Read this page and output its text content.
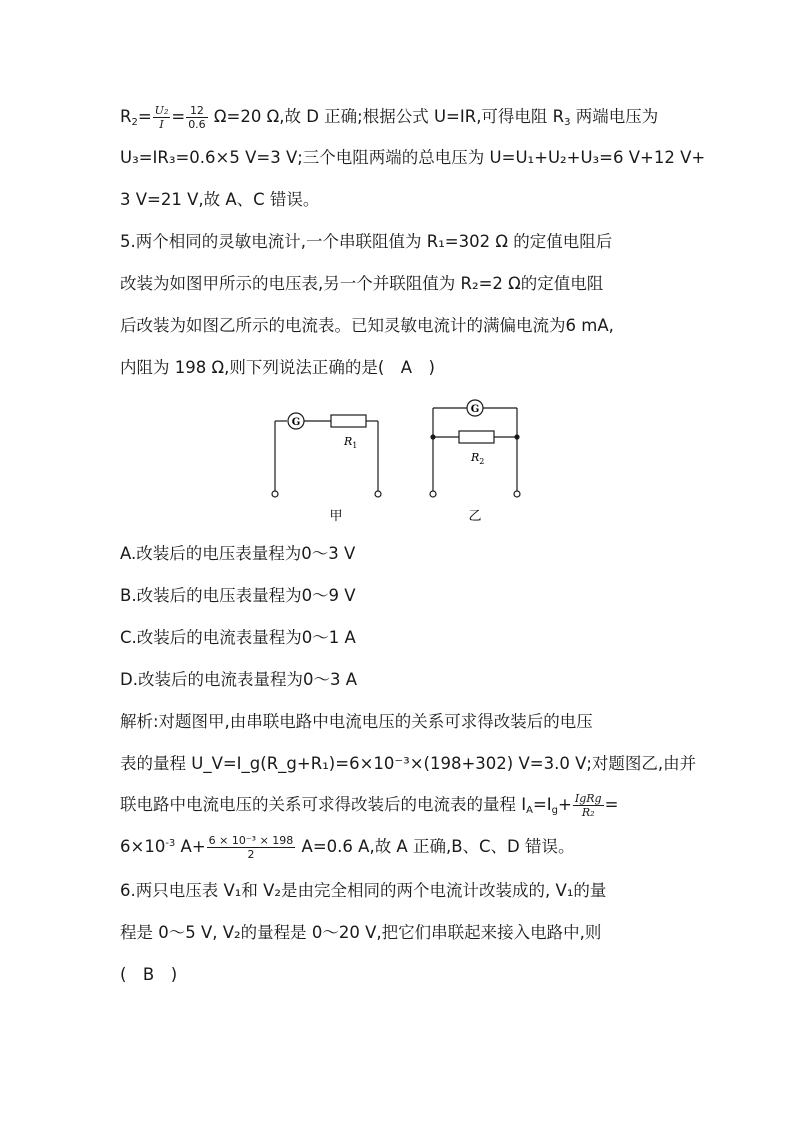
$R_2= \frac{\text{U₂}}{I} = \frac{12}{0.6} \Omega=20$ Ω,故 D 正确;根据公式 U=IR,可得电阻 $R_3$ 两端电压为
U₃=IR₃=0.6×5 V=3 V;三个电阻两端的总电压为 U=U₁+U₂+U₃=6 V+12 V+
3 V=21 V,故 A、C 错误。
5.两个相同的灵敏电流计,一个串联阻值为 R₁=302 Ω 的定值电阻后
改装为如图甲所示的电压表,另一个并联阻值为 R₂=2 Ω的定值电阻
后改装为如图乙所示的电流表。已知灵敏电流计的满偏电流为6 mA,
内阻为 198 Ω,则下列说法正确的是(　A　)
G
$R_1$
甲
G
$R_2$
乙
A.改装后的电压表量程为0～3 V
B.改装后的电压表量程为0～9 V
C.改装后的电流表量程为0～1 A
D.改装后的电流表量程为0～3 A
解析:对题图甲,由串联电路中电流电压的关系可求得改装后的电压
表的量程 U_V=I_g(R_g+R₁)=6×10⁻³×(198+302) V=3.0 V;对题图乙,由并
联电路中电流电压的关系可求得改装后的电流表的量程 $I_A=I_g+ \frac{\text{IgRg}}{\text{R₂}}$ =
$6\times 10^{-3}$ $A+ \frac{\text{6 × 10⁻³ × 198}}{2} A=0.6$ A,故 A 正确,B、C、D 错误。
6.两只电压表 V₁和 V₂是由完全相同的两个电流计改装成的, V₁的量
程是 0～5 V, V₂的量程是 0～20 V,把它们串联起来接入电路中,则
(　B　)
